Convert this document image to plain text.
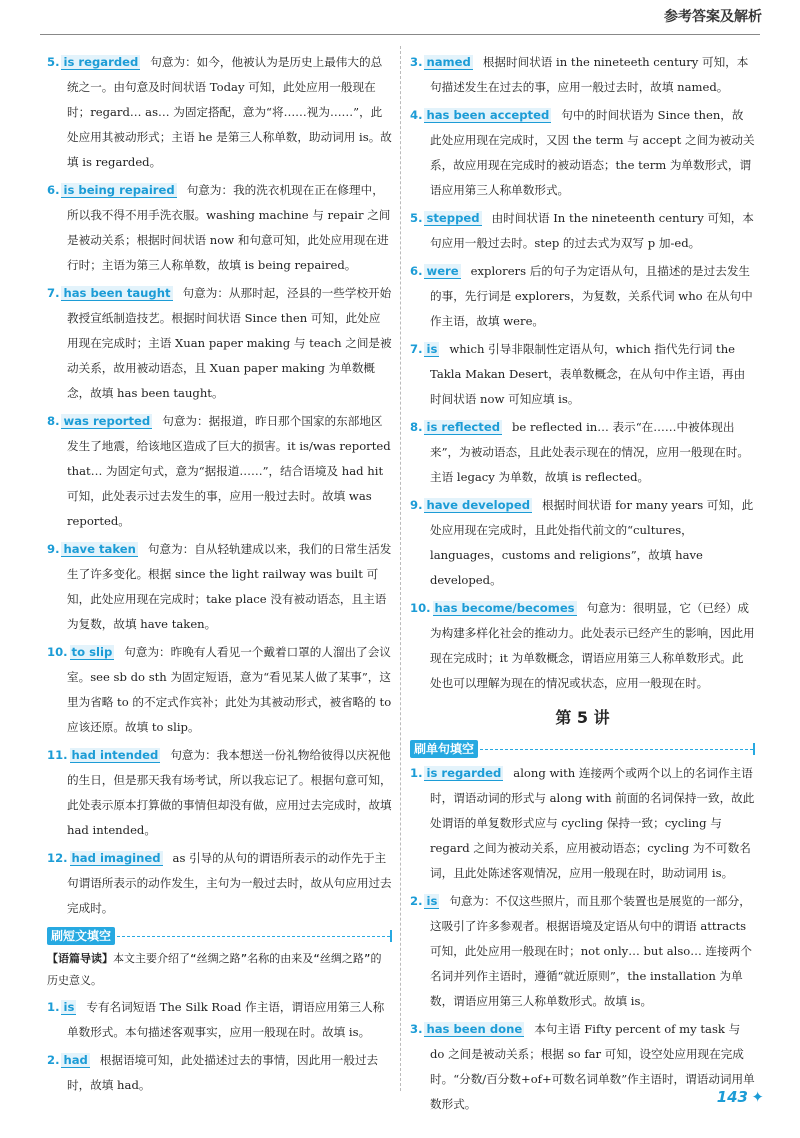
参考答案及解析
5. is regarded 句意为：如今，他被认为是历史上最伟大的总统之一。由句意及时间状语 Today 可知，此处应用一般现在时；regard… as… 为固定搭配，意为“将……视为……”，此处应用其被动形式；主语 he 是第三人称单数，助动词用 is。故填 is regarded。
6. is being repaired 句意为：我的洗衣机现在正在修理中，所以我不得不用手洗衣服。washing machine 与 repair 之间是被动关系；根据时间状语 now 和句意可知，此处应用现在进行时；主语为第三人称单数，故填 is being repaired。
7. has been taught 句意为：从那时起，泾县的一些学校开始教授宣纸制造技艺。根据时间状语 Since then 可知，此处应用现在完成时；主语 Xuan paper making 与 teach 之间是被动关系，故用被动语态，且 Xuan paper making 为单数概念，故填 has been taught。
8. was reported 句意为：据报道，昨日那个国家的东部地区发生了地震，给该地区造成了巨大的损害。it is/was reported that… 为固定句式，意为“据报道……”，结合语境及 had hit 可知，此处表示过去发生的事，应用一般过去时。故填 was reported。
9. have taken 句意为：自从轻轨建成以来，我们的日常生活发生了许多变化。根据 since the light railway was built 可知，此处应用现在完成时；take place 没有被动语态，且主语为复数，故填 have taken。
10. to slip 句意为：昨晚有人看见一个戴着口罩的人溜出了会议室。see sb do sth 为固定短语，意为“看见某人做了某事”，这里为省略 to 的不定式作宾补；此处为其被动形式，被省略的 to 应该还原。故填 to slip。
11. had intended 句意为：我本想送一份礼物给彼得以庆祝他的生日，但是那天我有场考试，所以我忘记了。根据句意可知，此处表示原本打算做的事情但却没有做，应用过去完成时，故填 had intended。
12. had imagined as 引导的从句的谓语所表示的动作先于主句谓语所表示的动作发生，主句为一般过去时，故从句应用过去完成时。
刷短文填空
【语篇导读】本文主要介绍了“丝绸之路”名称的由来及“丝绸之路”的历史意义。
1. is 专有名词短语 The Silk Road 作主语，谓语应用第三人称单数形式。本句描述客观事实，应用一般现在时。故填 is。
2. had 根据语境可知，此处描述过去的事情，因此用一般过去时，故填 had。
3. named 根据时间状语 in the nineteeth century 可知，本句描述发生在过去的事，应用一般过去时，故填 named。
4. has been accepted 句中的时间状语为 Since then，故此处应用现在完成时，又因 the term 与 accept 之间为被动关系，故应用现在完成时的被动语态；the term 为单数形式，谓语应用第三人称单数形式。
5. stepped 由时间状语 In the nineteenth century 可知，本句应用一般过去时。step 的过去式为双写 p 加-ed。
6. were explorers 后的句子为定语从句，且描述的是过去发生的事，先行词是 explorers，为复数，关系代词 who 在从句中作主语，故填 were。
7. is which 引导非限制性定语从句，which 指代先行词 the Takla Makan Desert，表单数概念，在从句中作主语，再由时间状语 now 可知应填 is。
8. is reflected be reflected in… 表示“在……中被体现出来”，为被动语态，且此处表示现在的情况，应用一般现在时。主语 legacy 为单数，故填 is reflected。
9. have developed 根据时间状语 for many years 可知，此处应用现在完成时，且此处指代前文的“cultures，languages，customs and religions”，故填 have developed。
10. has become/becomes 句意为：很明显，它（已经）成为构建多样化社会的推动力。此处表示已经产生的影响，因此用现在完成时；it 为单数概念，谓语应用第三人称单数形式。此处也可以理解为现在的情况或状态，应用一般现在时。
第 5 讲
刷单句填空
1. is regarded along with 连接两个或两个以上的名词作主语时，谓语动词的形式与 along with 前面的名词保持一致，故此处谓语的单复数形式应与 cycling 保持一致；cycling 与 regard 之间为被动关系，应用被动语态；cycling 为不可数名词，且此处陈述客观情况，应用一般现在时，助动词用 is。
2. is 句意为：不仅这些照片，而且那个装置也是展览的一部分，这吸引了许多参观者。根据语境及定语从句中的谓语 attracts 可知，此处应用一般现在时；not only… but also… 连接两个名词并列作主语时，遵循“就近原则”，the installation 为单数，谓语应用第三人称单数形式。故填 is。
3. has been done 本句主语 Fifty percent of my task 与 do 之间是被动关系；根据 so far 可知，设空处应用现在完成时。“分数/百分数+of+可数名词单数”作主语时，谓语动词用单数形式。	143 ✦
